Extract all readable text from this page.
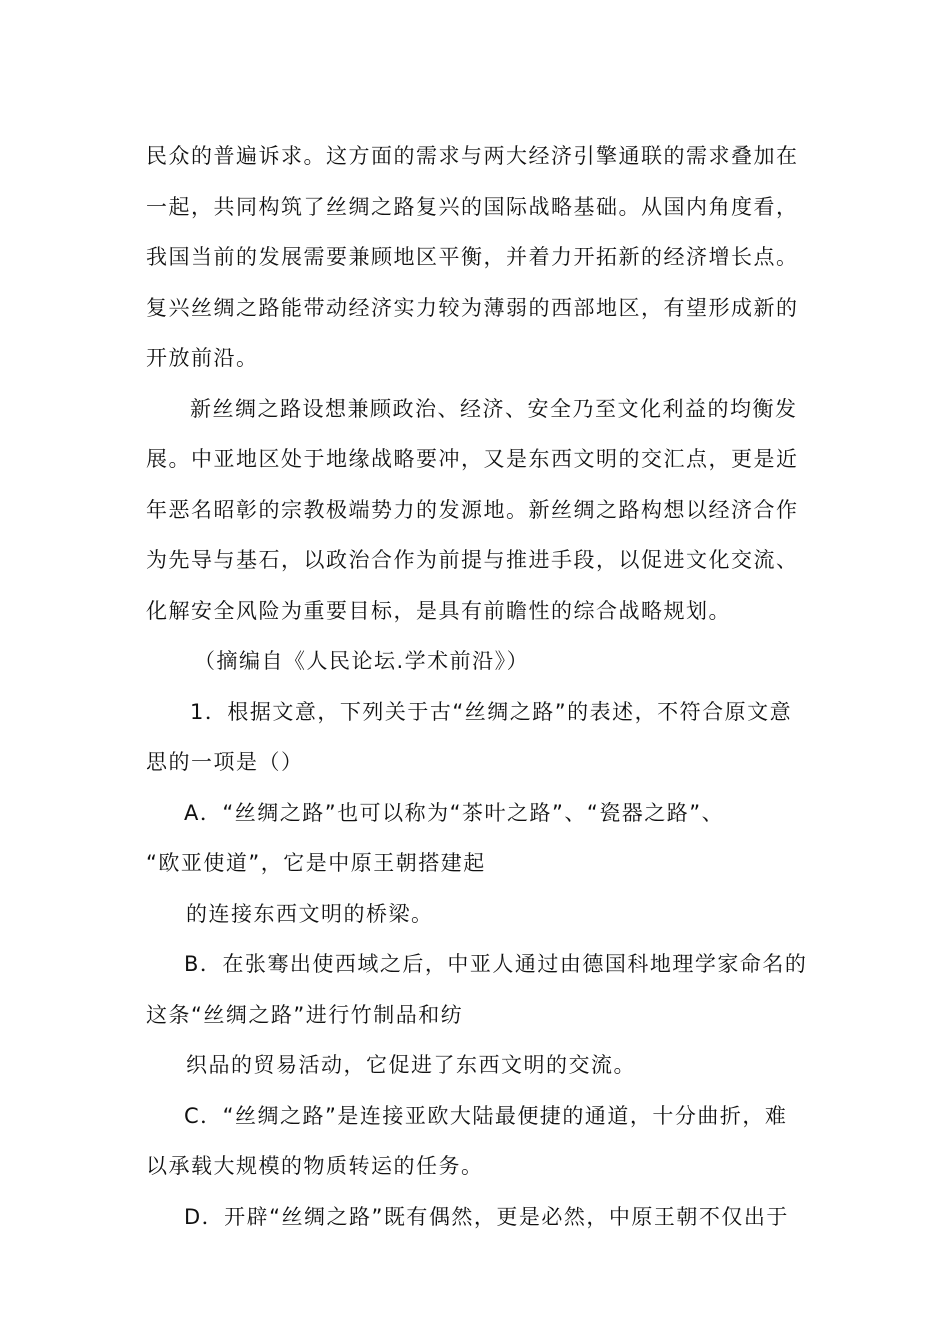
民众的普遍诉求。这方面的需求与两大经济引擎通联的需求叠加在
一起，共同构筑了丝绸之路复兴的国际战略基础。从国内角度看，
我国当前的发展需要兼顾地区平衡，并着力开拓新的经济增长点。
复兴丝绸之路能带动经济实力较为薄弱的西部地区，有望形成新的
开放前沿。
新丝绸之路设想兼顾政治、经济、安全乃至文化利益的均衡发
展。中亚地区处于地缘战略要冲，又是东西文明的交汇点，更是近
年恶名昭彰的宗教极端势力的发源地。新丝绸之路构想以经济合作
为先导与基石，以政治合作为前提与推进手段，以促进文化交流、
化解安全风险为重要目标，是具有前瞻性的综合战略规划。
（摘编自《人民论坛.学术前沿》）
1．根据文意，下列关于古“丝绸之路”的表述，不符合原文意
思的一项是（）
A．“丝绸之路”也可以称为“茶叶之路”、“瓷器之路”、
“欧亚使道”，它是中原王朝搭建起
的连接东西文明的桥梁。
B．在张骞出使西域之后，中亚人通过由德国科地理学家命名的
这条“丝绸之路”进行竹制品和纺
织品的贸易活动，它促进了东西文明的交流。
C．“丝绸之路”是连接亚欧大陆最便捷的通道，十分曲折，难
以承载大规模的物质转运的任务。
D．开辟“丝绸之路”既有偶然，更是必然，中原王朝不仅出于
